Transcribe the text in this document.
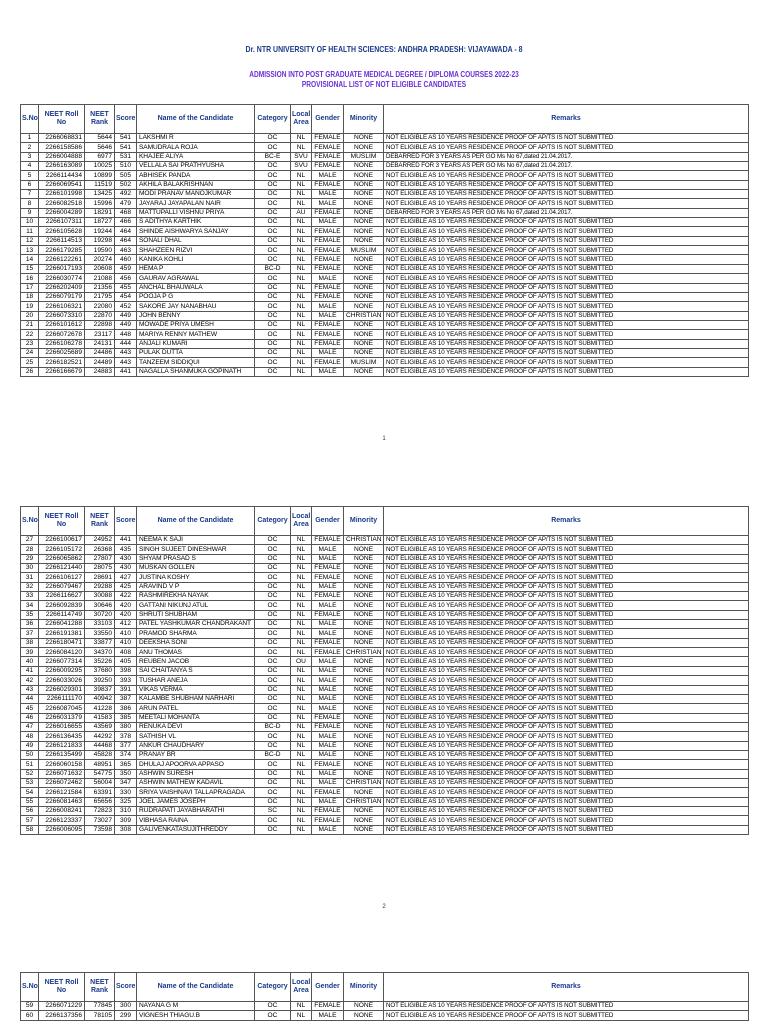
Dr. NTR UNIVERSITY OF HEALTH SCIENCES: ANDHRA PRADESH: VIJAYAWADA - 8
ADMISSION INTO POST GRADUATE MEDICAL DEGREE / DIPLOMA COURSES 2022-23
PROVISIONAL LIST OF NOT ELIGIBLE CANDIDATES
S.No	NEET Roll No	NEET Rank	Score	Name of the Candidate	Category	Local Area	Gender	Minority	Remarks
1	2266068831	5644	541	LAKSHMI R	OC	NL	FEMALE	NONE	NOT ELIGIBLE AS 10 YEARS RESIDENCE PROOF OF AP/TS IS NOT SUBMITTED
2	2266158586	5646	541	SAMUDRALA ROJA	OC	NL	FEMALE	NONE	NOT ELIGIBLE AS 10 YEARS RESIDENCE PROOF OF AP/TS IS NOT SUBMITTED
3	2266004888	6977	531	KHAJEE ALIYA	BC-E	SVU	FEMALE	MUSLIM	DEBARRED FOR 3 YEARS AS PER GO Ms No 67,dated 21.04.2017.
4	2266163089	10025	510	VELLALA SAI PRATHYUSHA	OC	SVU	FEMALE	NONE	DEBARRED FOR 3 YEARS AS PER GO Ms No 67,dated 21.04.2017.
5	2266114434	10899	505	ABHISEK PANDA	OC	NL	MALE	NONE	NOT ELIGIBLE AS 10 YEARS RESIDENCE PROOF OF AP/TS IS NOT SUBMITTED
6	2266069541	11519	502	AKHILA BALAKRISHNAN	OC	NL	FEMALE	NONE	NOT ELIGIBLE AS 10 YEARS RESIDENCE PROOF OF AP/TS IS NOT SUBMITTED
7	2266101998	13425	492	MODI PRANAV MANOJKUMAR	OC	NL	MALE	NONE	NOT ELIGIBLE AS 10 YEARS RESIDENCE PROOF OF AP/TS IS NOT SUBMITTED
8	2266082518	15996	479	JAYARAJ JAYAPALAN NAIR	OC	NL	MALE	NONE	NOT ELIGIBLE AS 10 YEARS RESIDENCE PROOF OF AP/TS IS NOT SUBMITTED
9	2266004289	18291	468	MATTUPALLI VISHNU PRIYA	OC	AU	FEMALE	NONE	DEBARRED FOR 3 YEARS AS PER GO Ms No 67,dated 21.04.2017.
10	2266107311	18727	466	S ADITHYA KARTHIK	OC	NL	MALE	NONE	NOT ELIGIBLE AS 10 YEARS RESIDENCE PROOF OF AP/TS IS NOT SUBMITTED
11	2266105628	19244	464	SHINDE AISHWARYA SANJAY	OC	NL	FEMALE	NONE	NOT ELIGIBLE AS 10 YEARS RESIDENCE PROOF OF AP/TS IS NOT SUBMITTED
12	2266114513	19298	464	SONALI DHAL	OC	NL	FEMALE	NONE	NOT ELIGIBLE AS 10 YEARS RESIDENCE PROOF OF AP/TS IS NOT SUBMITTED
13	2266179285	19590	463	SHAHZEEN RIZVI	OC	NL	FEMALE	MUSLIM	NOT ELIGIBLE AS 10 YEARS RESIDENCE PROOF OF AP/TS IS NOT SUBMITTED
14	2266122261	20274	460	KANIKA KOHLI	OC	NL	FEMALE	NONE	NOT ELIGIBLE AS 10 YEARS RESIDENCE PROOF OF AP/TS IS NOT SUBMITTED
15	2266017193	20608	459	HEMA P	BC-D	NL	FEMALE	NONE	NOT ELIGIBLE AS 10 YEARS RESIDENCE PROOF OF AP/TS IS NOT SUBMITTED
16	2266030774	21088	456	GAURAV AGRAWAL	OC	NL	MALE	NONE	NOT ELIGIBLE AS 10 YEARS RESIDENCE PROOF OF AP/TS IS NOT SUBMITTED
17	2266202409	21356	455	ANCHAL BHAUWALA	OC	NL	FEMALE	NONE	NOT ELIGIBLE AS 10 YEARS RESIDENCE PROOF OF AP/TS IS NOT SUBMITTED
18	2266079179	21795	454	POOJA P G	OC	NL	FEMALE	NONE	NOT ELIGIBLE AS 10 YEARS RESIDENCE PROOF OF AP/TS IS NOT SUBMITTED
19	2266106321	22080	452	SAKORE JAY NANABHAU	OC	NL	MALE	NONE	NOT ELIGIBLE AS 10 YEARS RESIDENCE PROOF OF AP/TS IS NOT SUBMITTED
20	2266073310	22870	449	JOHN BENNY	OC	NL	MALE	CHRISTIAN	NOT ELIGIBLE AS 10 YEARS RESIDENCE PROOF OF AP/TS IS NOT SUBMITTED
21	2266101612	22898	449	MOWADE PRIYA UMESH	OC	NL	FEMALE	NONE	NOT ELIGIBLE AS 10 YEARS RESIDENCE PROOF OF AP/TS IS NOT SUBMITTED
22	2266072678	23117	448	MARIYA RENNY MATHEW	OC	NL	FEMALE	NONE	NOT ELIGIBLE AS 10 YEARS RESIDENCE PROOF OF AP/TS IS NOT SUBMITTED
23	2266106278	24131	444	ANJALI KUMARI	OC	NL	FEMALE	NONE	NOT ELIGIBLE AS 10 YEARS RESIDENCE PROOF OF AP/TS IS NOT SUBMITTED
24	2266025689	24486	443	PULAK DUTTA	OC	NL	MALE	NONE	NOT ELIGIBLE AS 10 YEARS RESIDENCE PROOF OF AP/TS IS NOT SUBMITTED
25	2266182521	24489	443	TANZEEM SIDDIQUI	OC	NL	FEMALE	MUSLIM	NOT ELIGIBLE AS 10 YEARS RESIDENCE PROOF OF AP/TS IS NOT SUBMITTED
26	2266166679	24883	441	NAGALLA SHANMUKA GOPINATH	OC	NL	MALE	NONE	NOT ELIGIBLE AS 10 YEARS RESIDENCE PROOF OF AP/TS IS NOT SUBMITTED
1
S.No	NEET Roll No	NEET Rank	Score	Name of the Candidate	Category	Local Area	Gender	Minority	Remarks
27	2266100617	24952	441	NEEMA K SAJI	OC	NL	FEMALE	CHRISTIAN	NOT ELIGIBLE AS 10 YEARS RESIDENCE PROOF OF AP/TS IS NOT SUBMITTED
28	2266105172	26368	435	SINGH SUJEET DINESHWAR	OC	NL	MALE	NONE	NOT ELIGIBLE AS 10 YEARS RESIDENCE PROOF OF AP/TS IS NOT SUBMITTED
29	2266065862	27807	430	SHYAM PRASAD S	OC	NL	MALE	NONE	NOT ELIGIBLE AS 10 YEARS RESIDENCE PROOF OF AP/TS IS NOT SUBMITTED
30	2266121440	28075	430	MUSKAN GOLLEN	OC	NL	FEMALE	NONE	NOT ELIGIBLE AS 10 YEARS RESIDENCE PROOF OF AP/TS IS NOT SUBMITTED
31	2266106127	28691	427	JUSTINA KOSHY	OC	NL	FEMALE	NONE	NOT ELIGIBLE AS 10 YEARS RESIDENCE PROOF OF AP/TS IS NOT SUBMITTED
32	2266079467	29288	425	ARAVIND V P	OC	NL	MALE	NONE	NOT ELIGIBLE AS 10 YEARS RESIDENCE PROOF OF AP/TS IS NOT SUBMITTED
33	2266116627	30088	422	RASHMIREKHA NAYAK	OC	NL	FEMALE	NONE	NOT ELIGIBLE AS 10 YEARS RESIDENCE PROOF OF AP/TS IS NOT SUBMITTED
34	2266092839	30646	420	GATTANI NIKUNJ ATUL	OC	NL	MALE	NONE	NOT ELIGIBLE AS 10 YEARS RESIDENCE PROOF OF AP/TS IS NOT SUBMITTED
35	2266114749	30720	420	SHRUTI SHUBHAM	OC	NL	FEMALE	NONE	NOT ELIGIBLE AS 10 YEARS RESIDENCE PROOF OF AP/TS IS NOT SUBMITTED
36	2266041288	33103	412	PATEL YASHKUMAR CHANDRAKANT	OC	NL	MALE	NONE	NOT ELIGIBLE AS 10 YEARS RESIDENCE PROOF OF AP/TS IS NOT SUBMITTED
37	2266191381	33550	410	PRAMOD SHARMA	OC	NL	MALE	NONE	NOT ELIGIBLE AS 10 YEARS RESIDENCE PROOF OF AP/TS IS NOT SUBMITTED
38	2266180471	33877	410	DEEKSHA SONI	OC	NL	FEMALE	NONE	NOT ELIGIBLE AS 10 YEARS RESIDENCE PROOF OF AP/TS IS NOT SUBMITTED
39	2266084120	34370	408	ANU THOMAS	OC	NL	FEMALE	CHRISTIAN	NOT ELIGIBLE AS 10 YEARS RESIDENCE PROOF OF AP/TS IS NOT SUBMITTED
40	2266077314	35226	405	REUBEN JACOB	OC	OU	MALE	NONE	NOT ELIGIBLE AS 10 YEARS RESIDENCE PROOF OF AP/TS IS NOT SUBMITTED
41	2266009295	37680	398	SAI CHAITANYA S	OC	NL	MALE	NONE	NOT ELIGIBLE AS 10 YEARS RESIDENCE PROOF OF AP/TS IS NOT SUBMITTED
42	2266033026	39250	393	TUSHAR ANEJA	OC	NL	MALE	NONE	NOT ELIGIBLE AS 10 YEARS RESIDENCE PROOF OF AP/TS IS NOT SUBMITTED
43	2266029301	39837	391	VIKAS VERMA	OC	NL	MALE	NONE	NOT ELIGIBLE AS 10 YEARS RESIDENCE PROOF OF AP/TS IS NOT SUBMITTED
44	2266111170	40942	387	KALAMBE SHUBHAM NARHARI	OC	NL	MALE	NONE	NOT ELIGIBLE AS 10 YEARS RESIDENCE PROOF OF AP/TS IS NOT SUBMITTED
45	2266087045	41228	386	ARUN PATEL	OC	NL	MALE	NONE	NOT ELIGIBLE AS 10 YEARS RESIDENCE PROOF OF AP/TS IS NOT SUBMITTED
46	2266031379	41583	385	MEETALI MOHANTA	OC	NL	FEMALE	NONE	NOT ELIGIBLE AS 10 YEARS RESIDENCE PROOF OF AP/TS IS NOT SUBMITTED
47	2266016655	43569	380	RENUKA DEVI	BC-D	NL	FEMALE	NONE	NOT ELIGIBLE AS 10 YEARS RESIDENCE PROOF OF AP/TS IS NOT SUBMITTED
48	2266136435	44292	378	SATHISH VL	OC	NL	MALE	NONE	NOT ELIGIBLE AS 10 YEARS RESIDENCE PROOF OF AP/TS IS NOT SUBMITTED
49	2266121833	44468	377	ANKUR CHAUDHARY	OC	NL	MALE	NONE	NOT ELIGIBLE AS 10 YEARS RESIDENCE PROOF OF AP/TS IS NOT SUBMITTED
50	2266135499	45828	374	PRANAY BR	BC-D	NL	MALE	NONE	NOT ELIGIBLE AS 10 YEARS RESIDENCE PROOF OF AP/TS IS NOT SUBMITTED
51	2266060158	48951	365	DHULAJ APOORVA APPASO	OC	NL	FEMALE	NONE	NOT ELIGIBLE AS 10 YEARS RESIDENCE PROOF OF AP/TS IS NOT SUBMITTED
52	2266071632	54775	350	ASHWIN SURESH	OC	NL	MALE	NONE	NOT ELIGIBLE AS 10 YEARS RESIDENCE PROOF OF AP/TS IS NOT SUBMITTED
53	2266072462	56004	347	ASHWIN MATHEW KADAVIL	OC	NL	MALE	CHRISTIAN	NOT ELIGIBLE AS 10 YEARS RESIDENCE PROOF OF AP/TS IS NOT SUBMITTED
54	2266121584	63391	330	SRIYA VAISHNAVI TALLAPRAGADA	OC	NL	FEMALE	NONE	NOT ELIGIBLE AS 10 YEARS RESIDENCE PROOF OF AP/TS IS NOT SUBMITTED
55	2266081463	65656	325	JOEL JAMES JOSEPH	OC	NL	MALE	CHRISTIAN	NOT ELIGIBLE AS 10 YEARS RESIDENCE PROOF OF AP/TS IS NOT SUBMITTED
56	2266008241	72823	310	RUDRAPATI JAYABHARATHI	SC	NL	FEMALE	NONE	NOT ELIGIBLE AS 10 YEARS RESIDENCE PROOF OF AP/TS IS NOT SUBMITTED
57	2266123337	73027	309	VIBHASA RAINA	OC	NL	FEMALE	NONE	NOT ELIGIBLE AS 10 YEARS RESIDENCE PROOF OF AP/TS IS NOT SUBMITTED
58	2266006095	73598	308	GALIVENKATASUJITHREDDY	OC	NL	MALE	NONE	NOT ELIGIBLE AS 10 YEARS RESIDENCE PROOF OF AP/TS IS NOT SUBMITTED
2
S.No	NEET Roll No	NEET Rank	Score	Name of the Candidate	Category	Local Area	Gender	Minority	Remarks
59	2266071229	77845	300	NAYANA G M	OC	NL	FEMALE	NONE	NOT ELIGIBLE AS 10 YEARS RESIDENCE PROOF OF AP/TS IS NOT SUBMITTED
60	2266137356	78105	299	VIGNESH THIAGU.B	OC	NL	MALE	NONE	NOT ELIGIBLE AS 10 YEARS RESIDENCE PROOF OF AP/TS IS NOT SUBMITTED
